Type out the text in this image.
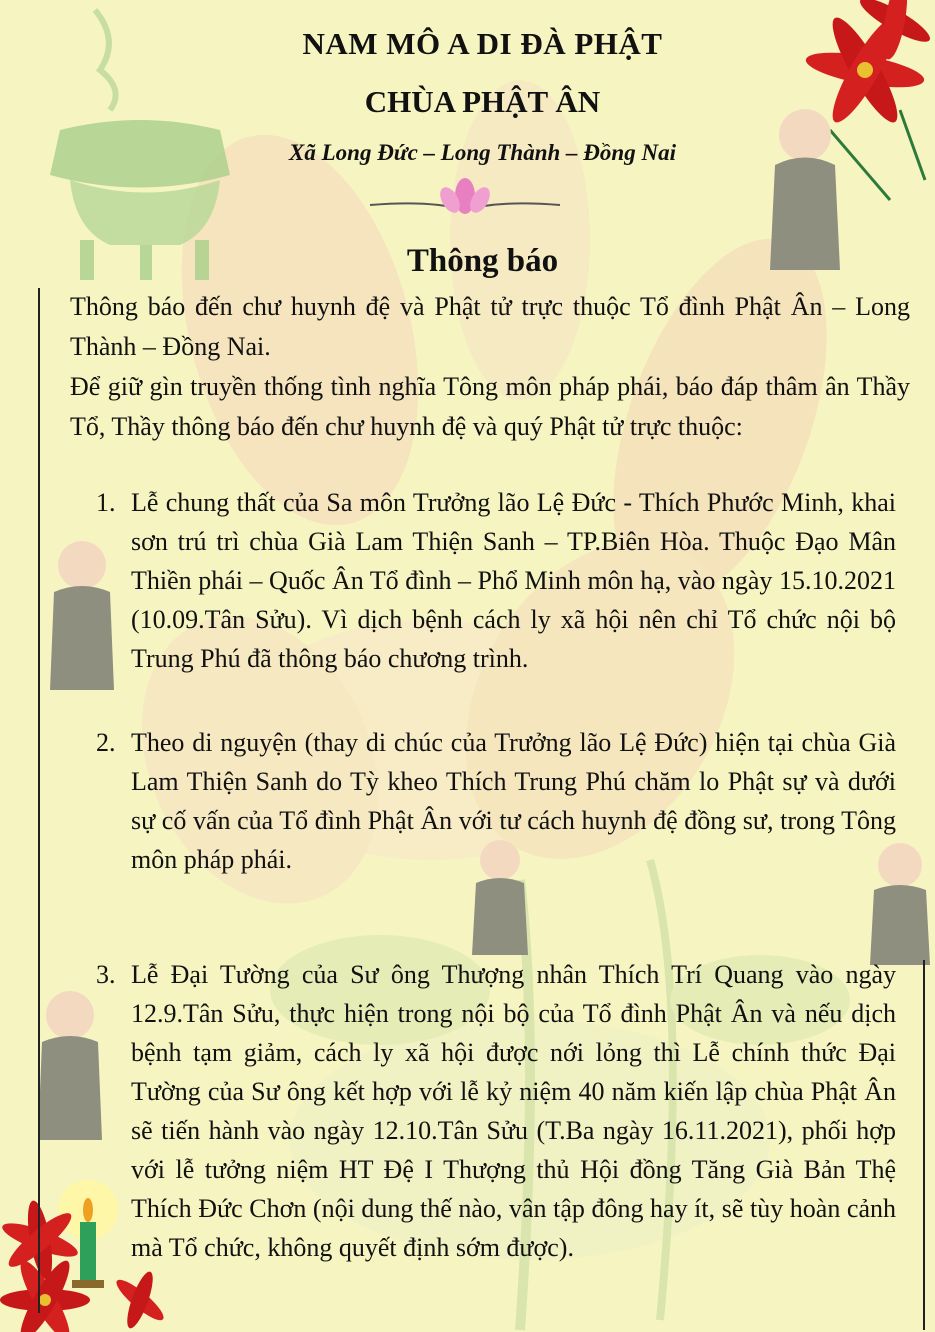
NAM MÔ A DI ĐÀ PHẬT
CHÙA PHẬT ÂN
Xã Long Đức – Long Thành – Đồng Nai
Thông báo
Thông báo đến chư huynh đệ và Phật tử trực thuộc Tổ đình Phật Ân – Long Thành – Đồng Nai.
Để giữ gìn truyền thống tình nghĩa Tông môn pháp phái, báo đáp thâm ân Thầy Tổ, Thầy thông báo đến chư huynh đệ và quý Phật tử trực thuộc:
1. Lễ chung thất của Sa môn Trưởng lão Lệ Đức - Thích Phước Minh, khai sơn trú trì chùa Già Lam Thiện Sanh – TP.Biên Hòa. Thuộc Đạo Mân Thiền phái – Quốc Ân Tổ đình – Phổ Minh môn hạ, vào ngày 15.10.2021 (10.09.Tân Sửu). Vì dịch bệnh cách ly xã hội nên chỉ Tổ chức nội bộ Trung Phú đã thông báo chương trình.
2. Theo di nguyện (thay di chúc của Trưởng lão Lệ Đức) hiện tại chùa Già Lam Thiện Sanh do Tỳ kheo Thích Trung Phú chăm lo Phật sự và dưới sự cố vấn của Tổ đình Phật Ân với tư cách huynh đệ đồng sư, trong Tông môn pháp phái.
3. Lễ Đại Tường của Sư ông Thượng nhân Thích Trí Quang vào ngày 12.9.Tân Sửu, thực hiện trong nội bộ của Tổ đình Phật Ân và nếu dịch bệnh tạm giảm, cách ly xã hội được nới lỏng thì Lễ chính thức Đại Tường của Sư ông kết hợp với lễ kỷ niệm 40 năm kiến lập chùa Phật Ân sẽ tiến hành vào ngày 12.10.Tân Sửu (T.Ba ngày 16.11.2021), phối hợp với lễ tưởng niệm HT Đệ I Thượng thủ Hội đồng Tăng Già Bản Thệ Thích Đức Chơn (nội dung thế nào, vân tập đông hay ít, sẽ tùy hoàn cảnh mà Tổ chức, không quyết định sớm được).
